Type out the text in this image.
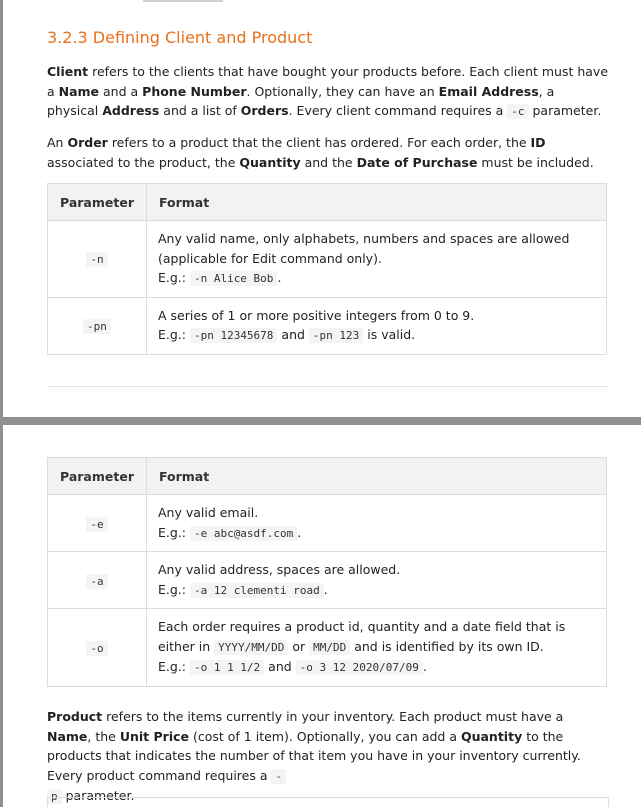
3.2.3 Defining Client and Product

Client refers to the clients that have bought your products before. Each client must have a Name and a Phone Number. Optionally, they can have an Email Address, a physical Address and a list of Orders. Every client command requires a -c parameter.

An Order refers to a product that the client has ordered. For each order, the ID associated to the product, the Quantity and the Date of Purchase must be included.

Parameter	Format
-n	Any valid name, only alphabets, numbers and spaces are allowed (applicable for Edit command only).
E.g.: -n Alice Bob .
-pn	A series of 1 or more positive integers from 0 to 9.
E.g.: -pn 12345678 and -pn 123 is valid.
Parameter	Format
-e	Any valid email.
E.g.: -e abc@asdf.com .
-a	Any valid address, spaces are allowed.
E.g.: -a 12 clementi road .
-o	Each order requires a product id, quantity and a date field that is either in YYYY/MM/DD or MM/DD and is identified by its own ID.
E.g.: -o 1 1 1/2 and -o 3 12 2020/07/09 .

Product refers to the items currently in your inventory. Each product must have a Name, the Unit Price (cost of 1 item). Optionally, you can add a Quantity to the products that indicates the number of that item you have in your inventory currently. Every product command requires a -
p parameter.
